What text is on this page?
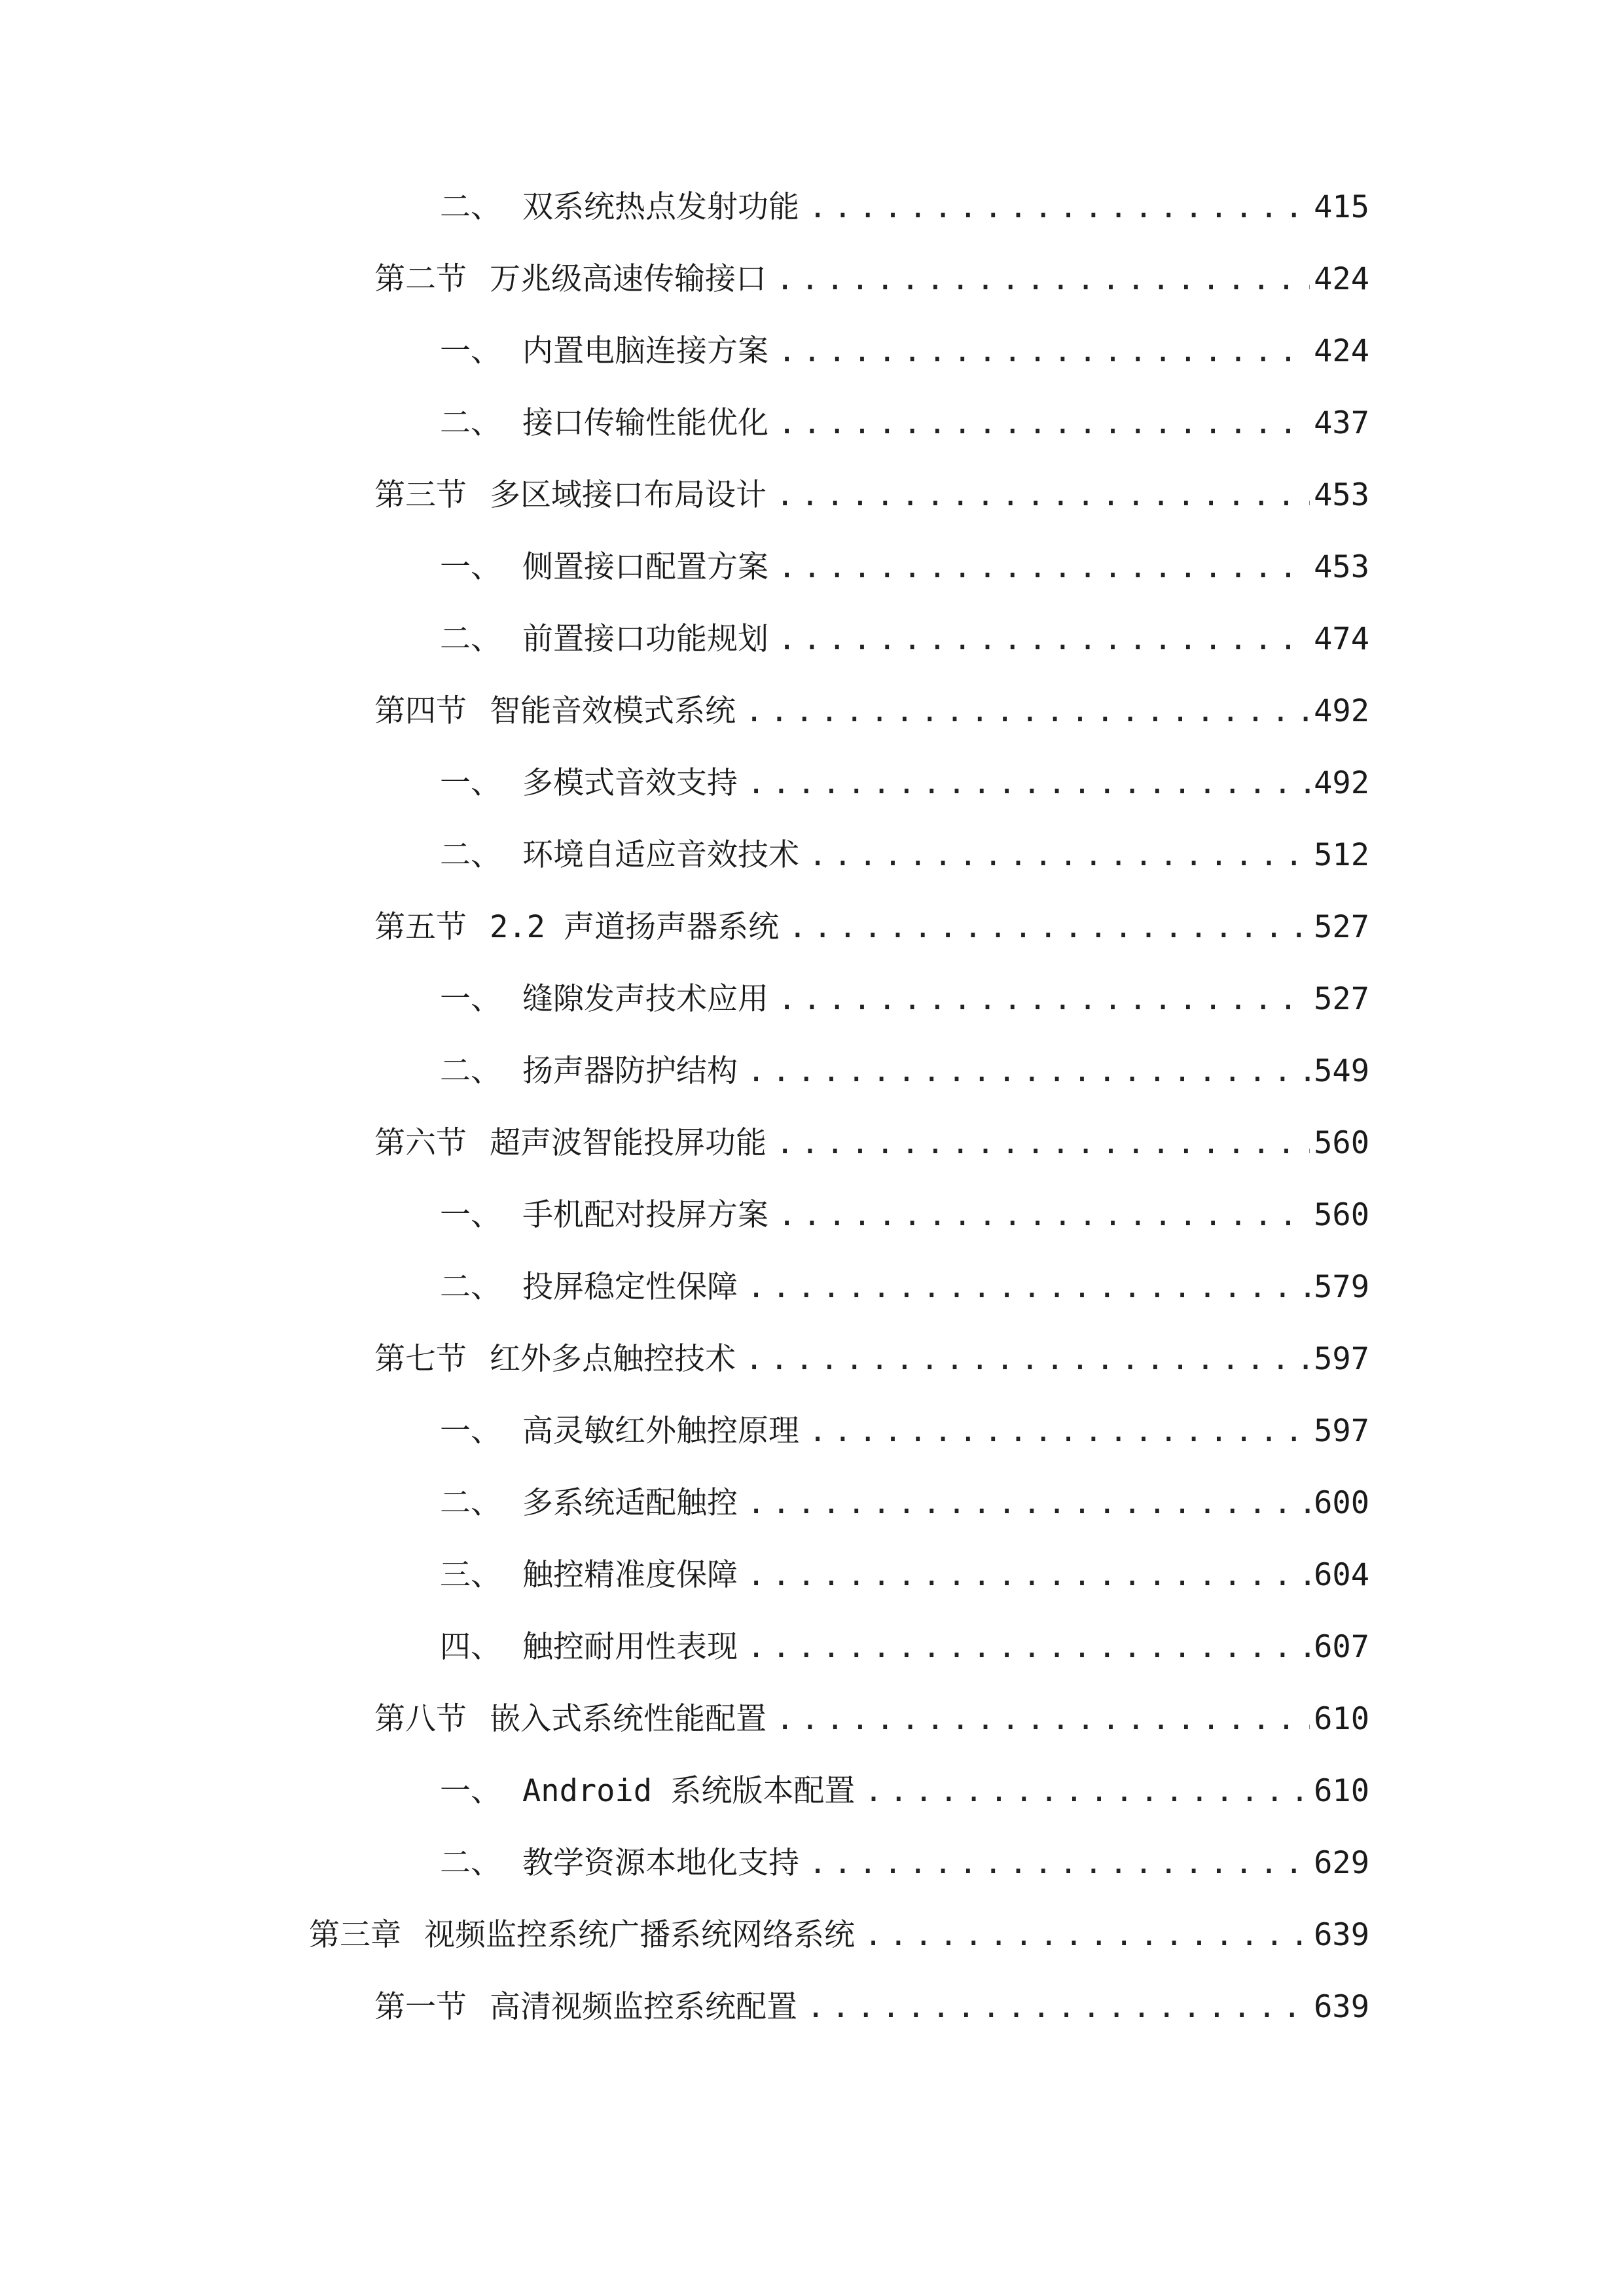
二、 双系统热点发射功能 .....	415
第二节 万兆级高速传输接口 .....	424
一、 内置电脑连接方案 .....	424
二、 接口传输性能优化 .....	437
第三节 多区域接口布局设计 .....	453
一、 侧置接口配置方案 .....	453
二、 前置接口功能规划 .....	474
第四节 智能音效模式系统 .....	492
一、 多模式音效支持 .....	492
二、 环境自适应音效技术 .....	512
第五节 2.2 声道扬声器系统 .....	527
一、 缝隙发声技术应用 .....	527
二、 扬声器防护结构 .....	549
第六节 超声波智能投屏功能 .....	560
一、 手机配对投屏方案 .....	560
二、 投屏稳定性保障 .....	579
第七节 红外多点触控技术 .....	597
一、 高灵敏红外触控原理 .....	597
二、 多系统适配触控 .....	600
三、 触控精准度保障 .....	604
四、 触控耐用性表现 .....	607
第八节 嵌入式系统性能配置 .....	610
一、 Android 系统版本配置 .....	610
二、 教学资源本地化支持 .....	629
第三章 视频监控系统广播系统网络系统 .....	639
第一节 高清视频监控系统配置 .....	639
